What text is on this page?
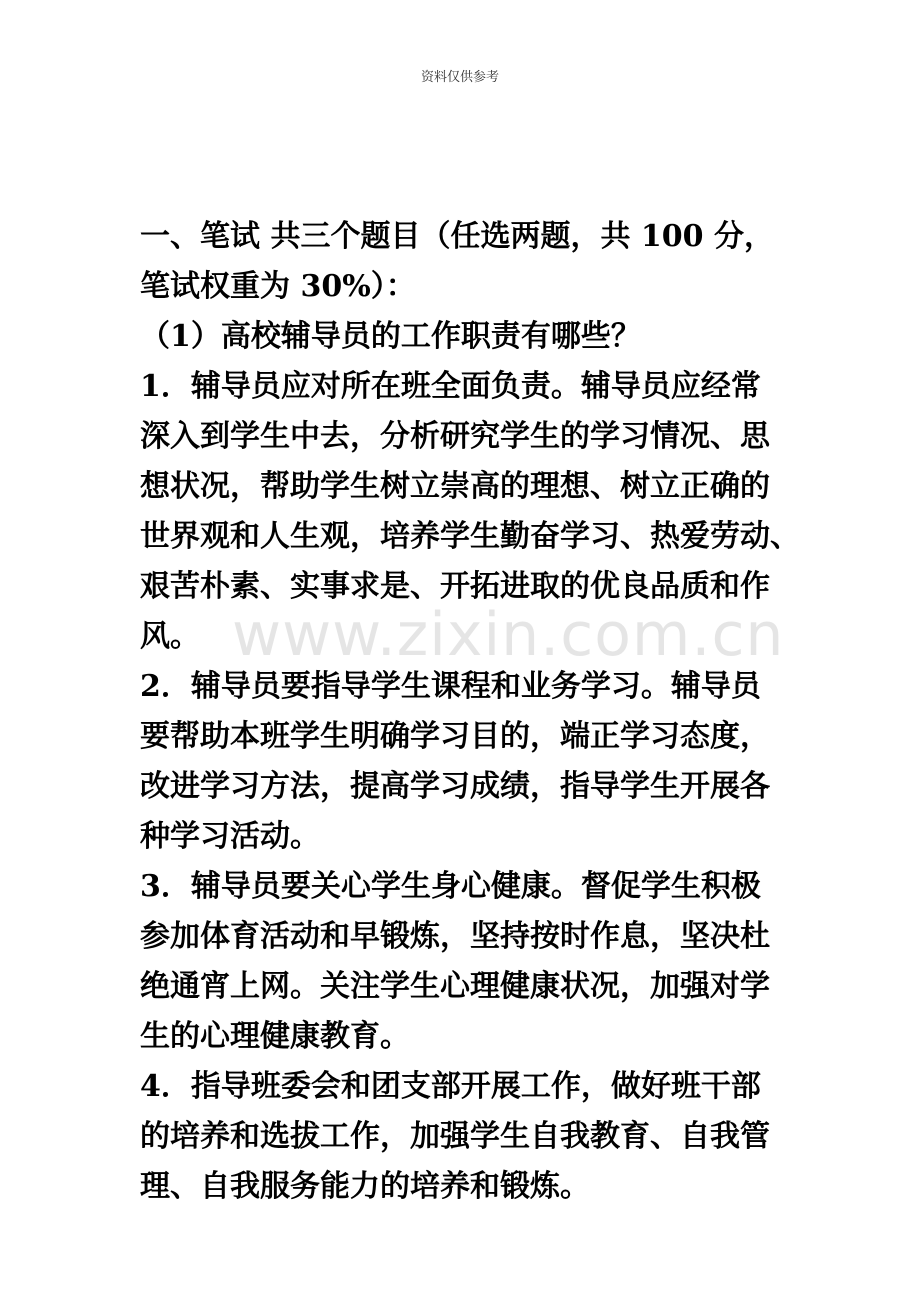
资料仅供参考
www.zixin.com.cn
一、笔试 共三个题目（任选两题，共 100 分，
笔试权重为 30%）：
（1）高校辅导员的工作职责有哪些？
1．辅导员应对所在班全面负责。辅导员应经常
深入到学生中去，分析研究学生的学习情况、思
想状况，帮助学生树立崇高的理想、树立正确的
世界观和人生观，培养学生勤奋学习、热爱劳动、
艰苦朴素、实事求是、开拓进取的优良品质和作
风。
2．辅导员要指导学生课程和业务学习。辅导员
要帮助本班学生明确学习目的，端正学习态度，
改进学习方法，提高学习成绩，指导学生开展各
种学习活动。
3．辅导员要关心学生身心健康。督促学生积极
参加体育活动和早锻炼，坚持按时作息，坚决杜
绝通宵上网。关注学生心理健康状况，加强对学
生的心理健康教育。
4．指导班委会和团支部开展工作，做好班干部
的培养和选拔工作，加强学生自我教育、自我管
理、自我服务能力的培养和锻炼。
